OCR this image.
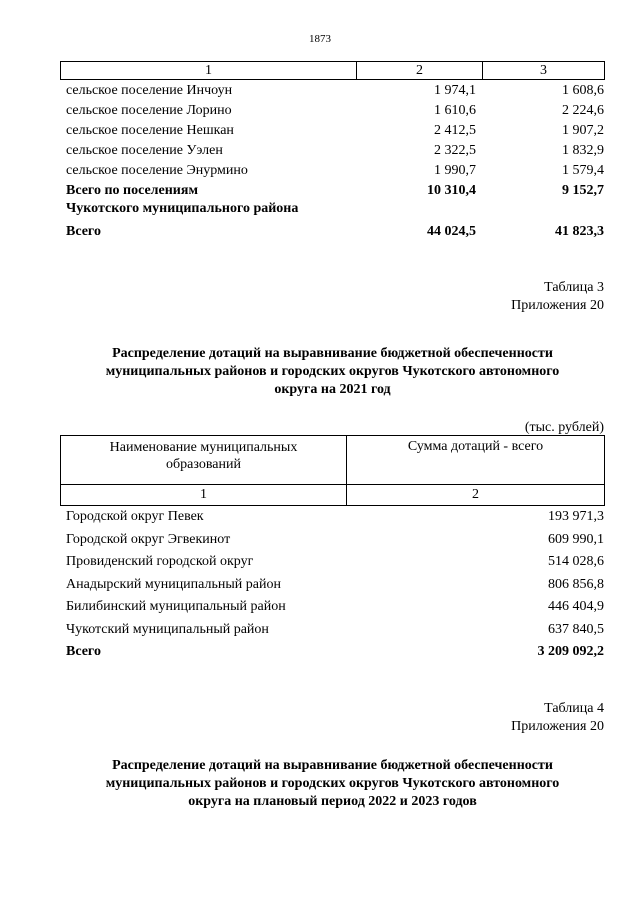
1873
1	2	3
сельское поселение Инчоун	1 974,1	1 608,6
сельское поселение Лорино	1 610,6	2 224,6
сельское поселение Нешкан	2 412,5	1 907,2
сельское поселение Уэлен	2 322,5	1 832,9
сельское поселение Энурмино	1 990,7	1 579,4
Всего по поселениям	10 310,4	9 152,7
Чукотского муниципального района
Всего	44 024,5	41 823,3
Таблица 3
Приложения 20
Распределение дотаций на выравнивание бюджетной обеспеченности
муниципальных районов и городских округов Чукотского автономного
округа на 2021 год
(тыс. рублей)
Наименование муниципальных
образований
Сумма дотаций - всего
1	2
Городской округ Певек	193 971,3
Городской округ Эгвекинот	609 990,1
Провиденский городской округ	514 028,6
Анадырский муниципальный район	806 856,8
Билибинский муниципальный район	446 404,9
Чукотский муниципальный район	637 840,5
Всего	3 209 092,2
Таблица 4
Приложения 20
Распределение дотаций на выравнивание бюджетной обеспеченности
муниципальных районов и городских округов Чукотского автономного
округа на плановый период 2022 и 2023 годов
